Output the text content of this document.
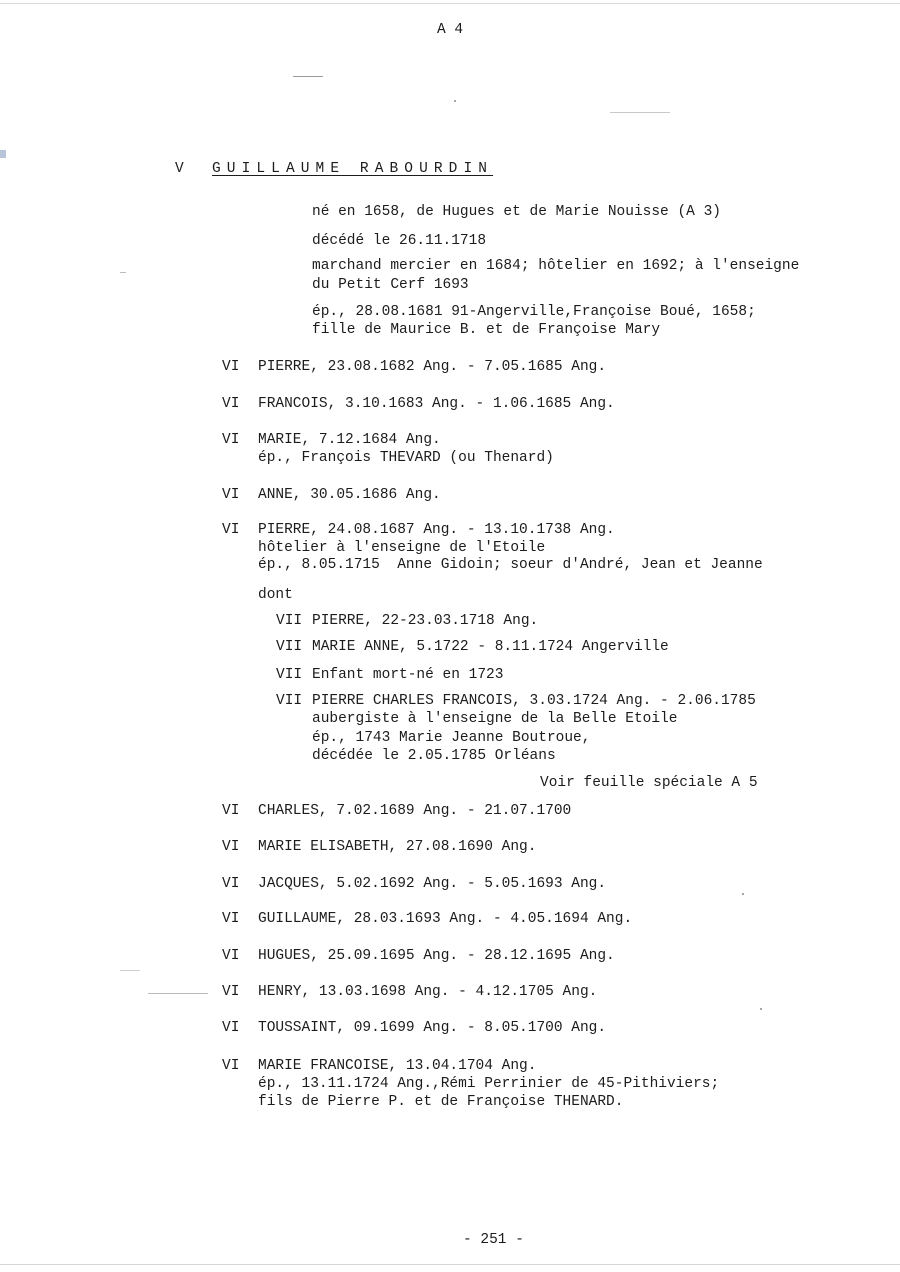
A 4
V GUILLAUME RABOURDIN
né en 1658, de Hugues et de Marie Nouisse (A 3)
décédé le 26.11.1718
marchand mercier en 1684; hôtelier en 1692; à l'enseigne
du Petit Cerf 1693
ép., 28.08.1681 91-Angerville,Françoise Boué, 1658;
fille de Maurice B. et de Françoise Mary
VI PIERRE, 23.08.1682 Ang. - 7.05.1685 Ang.
VI FRANCOIS, 3.10.1683 Ang. - 1.06.1685 Ang.
VI MARIE, 7.12.1684 Ang.
ép., François THEVARD (ou Thenard)
VI ANNE, 30.05.1686 Ang.
VI PIERRE, 24.08.1687 Ang. - 13.10.1738 Ang.
hôtelier à l'enseigne de l'Etoile
ép., 8.05.1715  Anne Gidoin; soeur d'André, Jean et Jeanne
dont
VII PIERRE, 22-23.03.1718 Ang.
VII MARIE ANNE, 5.1722 - 8.11.1724 Angerville
VII Enfant mort-né en 1723
VII PIERRE CHARLES FRANCOIS, 3.03.1724 Ang. - 2.06.1785
aubergiste à l'enseigne de la Belle Etoile
ép., 1743 Marie Jeanne Boutroue,
décédée le 2.05.1785 Orléans
Voir feuille spéciale A 5
VI CHARLES, 7.02.1689 Ang. - 21.07.1700
VI MARIE ELISABETH, 27.08.1690 Ang.
VI JACQUES, 5.02.1692 Ang. - 5.05.1693 Ang.
VI GUILLAUME, 28.03.1693 Ang. - 4.05.1694 Ang.
VI HUGUES, 25.09.1695 Ang. - 28.12.1695 Ang.
VI HENRY, 13.03.1698 Ang. - 4.12.1705 Ang.
VI TOUSSAINT, 09.1699 Ang. - 8.05.1700 Ang.
VI MARIE FRANCOISE, 13.04.1704 Ang.
ép., 13.11.1724 Ang.,Rémi Perrinier de 45-Pithiviers;
fils de Pierre P. et de Françoise THENARD.
- 251 -
